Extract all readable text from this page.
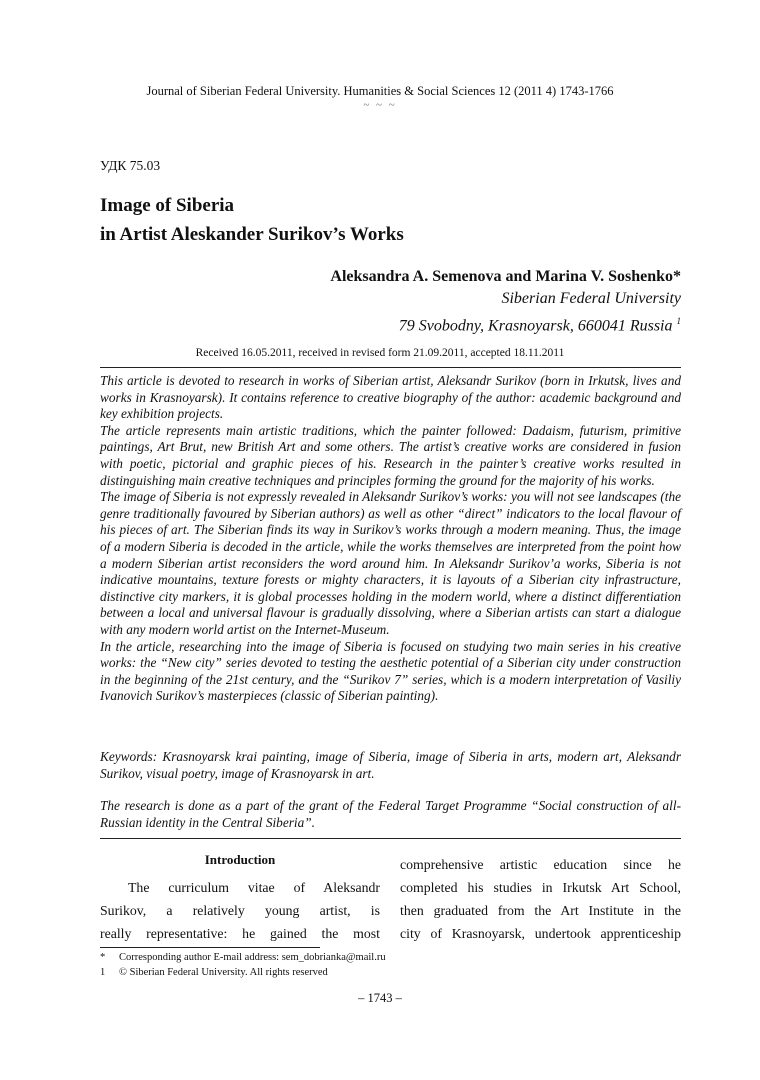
Journal of Siberian Federal University. Humanities & Social Sciences 12 (2011 4) 1743-1766
~ ~ ~
УДК 75.03
Image of Siberia
in Artist Aleskander Surikov’s Works
Aleksandra A. Semenova and Marina V. Soshenko*
Siberian Federal University
79 Svobodny, Krasnoyarsk, 660041 Russia $^1$
Received 16.05.2011, received in revised form 21.09.2011, accepted 18.11.2011

This article is devoted to research in works of Siberian artist, Aleksandr Surikov (born in Irkutsk, lives and works in Krasnoyarsk). It contains reference to creative biography of the author: academic background and key exhibition projects.

The article represents main artistic traditions, which the painter followed: Dadaism, futurism, primitive paintings, Art Brut, new British Art and some others. The artist’s creative works are considered in fusion with poetic, pictorial and graphic pieces of his. Research in the painter’s creative works resulted in distinguishing main creative techniques and principles forming the ground for the majority of his works.

The image of Siberia is not expressly revealed in Aleksandr Surikov’s works: you will not see landscapes (the genre traditionally favoured by Siberian authors) as well as other “direct” indicators to the local flavour of his pieces of art. The Siberian finds its way in Surikov’s works through a modern meaning. Thus, the image of a modern Siberia is decoded in the article, while the works themselves are interpreted from the point how a modern Siberian artist reconsiders the word around him. In Aleksandr Surikov’a works, Siberia is not indicative mountains, texture forests or mighty characters, it is layouts of a Siberian city infrastructure, distinctive city markers, it is global processes holding in the modern world, where a distinct differentiation between a local and universal flavour is gradually dissolving, where a Siberian artists can start a dialogue with any modern world artist on the Internet-Museum.

In the article, researching into the image of Siberia is focused on studying two main series in his creative works: the “New city” series devoted to testing the aesthetic potential of a Siberian city under construction in the beginning of the 21st century, and the “Surikov 7” series, which is a modern interpretation of Vasiliy Ivanovich Surikov’s masterpieces (classic of Siberian painting).

Keywords: Krasnoyarsk krai painting, image of Siberia, image of Siberia in arts, modern art, Aleksandr Surikov, visual poetry, image of Krasnoyarsk in art.
The research is done as a part of the grant of the Federal Target Programme “Social construction of all-Russian identity in the Central Siberia”.
Introduction
The curriculum vitae of Aleksandr
Surikov, a relatively young artist, is
really representative: he gained the most
comprehensive artistic education since he
completed his studies in Irkutsk Art School,
then graduated from the Art Institute in the
city of Krasnoyarsk, undertook apprenticeship
*	Corresponding author E-mail address: sem_dobrianka@mail.ru
1	© Siberian Federal University. All rights reserved
– 1743 –
